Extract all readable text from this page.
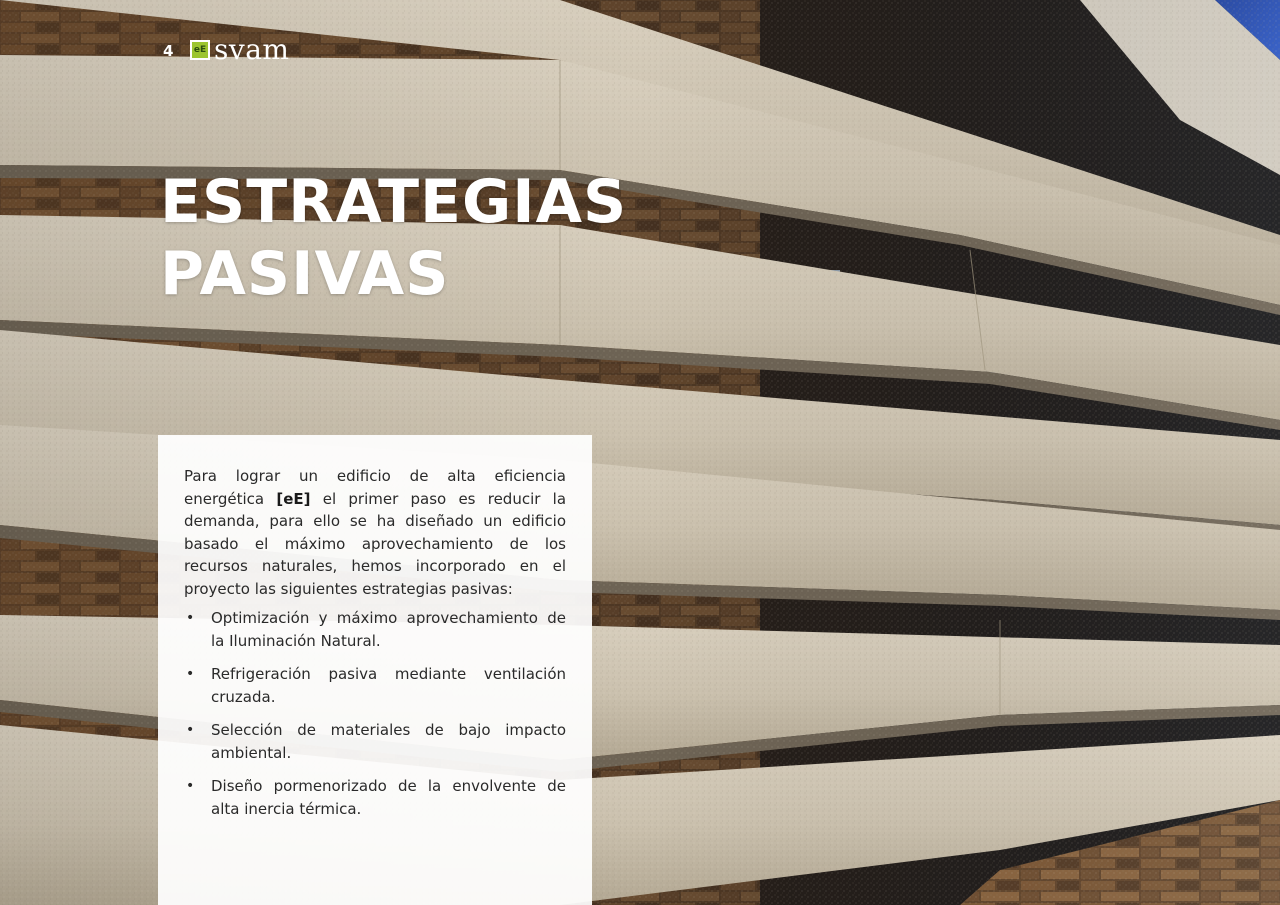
4 eE svam
ESTRATEGIAS
PASIVAS

Para lograr un edificio de alta eficiencia energética [eE] el primer paso es reducir la demanda, para ello se ha diseñado un edificio basado el máximo aprovechamiento de los recursos naturales, hemos incorporado en el proyecto las siguientes estrategias pasivas:

• Optimización y máximo aprovechamiento de la Iluminación Natural.
• Refrigeración pasiva mediante ventilación cruzada.
• Selección de materiales de bajo impacto ambiental.
• Diseño pormenorizado de la envolvente de alta inercia térmica.
